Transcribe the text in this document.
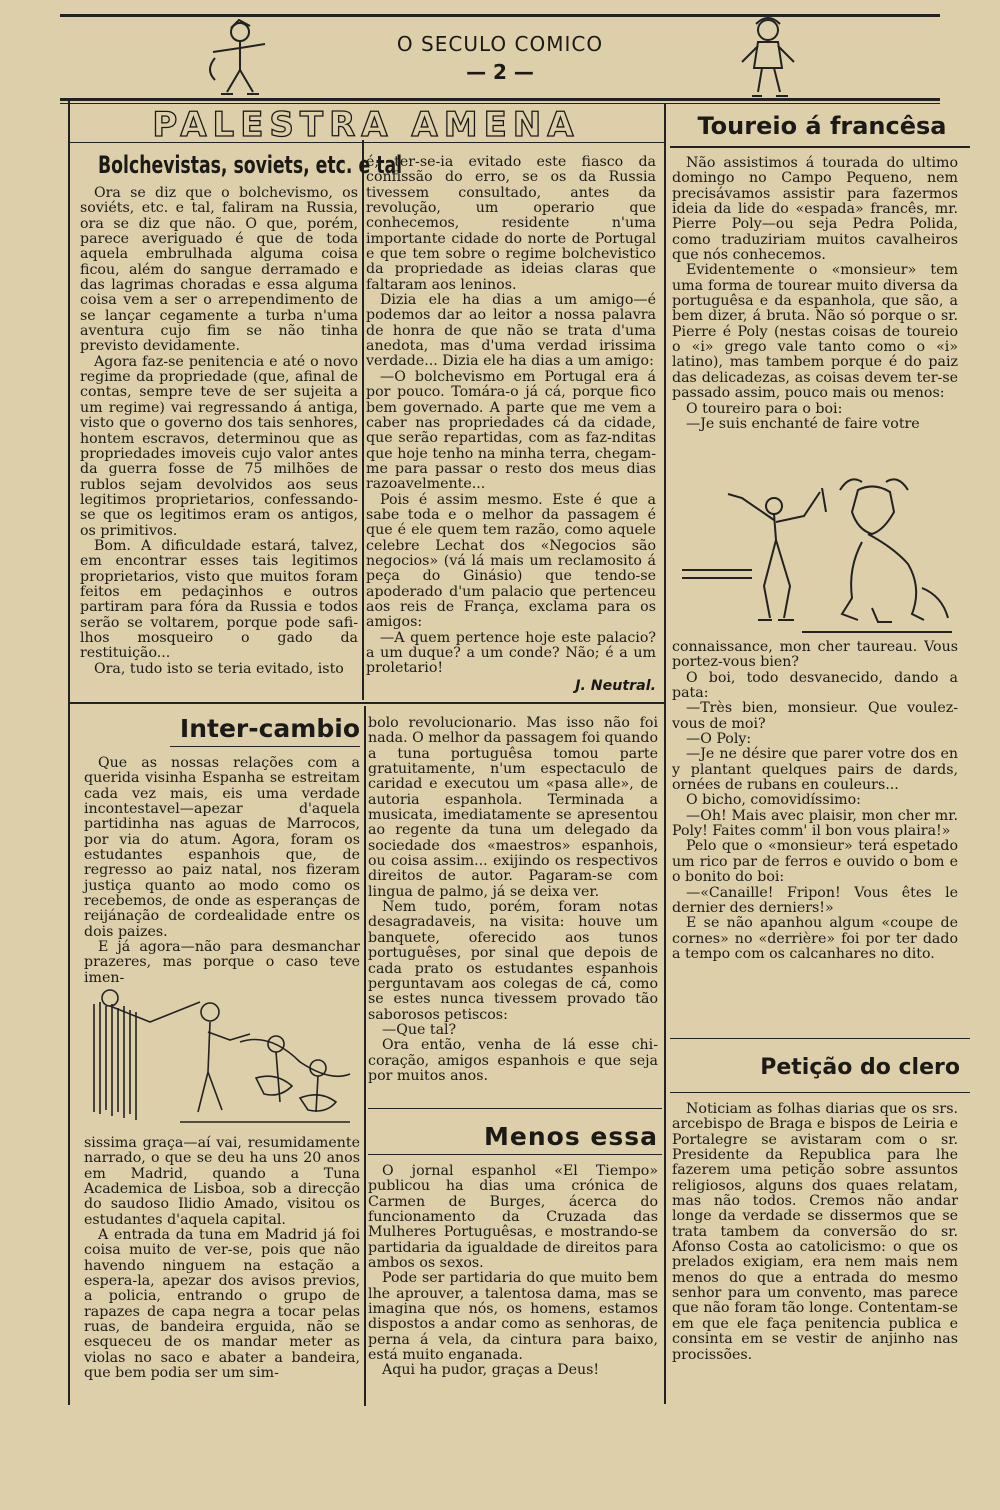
O SECULO COMICO
— 2 —
PALESTRA AMENA
Bolchevistas, soviets, etc. e tal

Ora se diz que o bolchevismo, os soviéts, etc. e tal, faliram na Russia, ora se diz que não. O que, porém, parece averiguado é que de toda aquela embrulhada alguma coisa ficou, além do sangue derramado e das lagrimas choradas e essa alguma coisa vem a ser o arrependimento de se lançar cegamente a turba n'uma aventura cujo fim se não tinha previsto devidamente.

Agora faz-se penitencia e até o novo regime da propriedade (que, afinal de contas, sempre teve de ser sujeita a um regime) vai regressando á antiga, visto que o governo dos tais senhores, hontem escravos, determinou que as propriedades imoveis cujo valor antes da guerra fosse de 75 milhões de rublos sejam devolvidos aos seus legitimos proprietarios, confessando-se que os legitimos eram os antigos, os primitivos.

Bom. A dificuldade estará, talvez, em encontrar esses tais legitimos proprietarios, visto que muitos foram feitos em pedaçinhos e outros partiram para fóra da Russia e todos serão se voltarem, porque pode safi-lhos mosqueiro o gado da restituição...

Ora, tudo isto se teria evitado, isto

é, ter-se-ia evitado este fiasco da confissão do erro, se os da Russia tivessem consultado, antes da revolução, um operario que conhecemos, residente n'uma importante cidade do norte de Portugal e que tem sobre o regime bolchevistico da propriedade as ideias claras que faltaram aos leninos.

Dizia ele ha dias a um amigo—é podemos dar ao leitor a nossa palavra de honra de que não se trata d'uma anedota, mas d'uma verdad irissima verdade... Dizia ele ha dias a um amigo:

—O bolchevismo em Portugal era á por pouco. Tomára-o já cá, porque fico bem governado. A parte que me vem a caber nas propriedades cá da cidade, que serão repartidas, com as faz-nditas que hoje tenho na minha terra, chegam-me para passar o resto dos meus dias razoavelmente...

Pois é assim mesmo. Este é que a sabe toda e o melhor da passagem é que é ele quem tem razão, como aquele celebre Lechat dos «Negocios são negocios» (vá lá mais um reclamosito á peça do Ginásio) que tendo-se apoderado d'um palacio que pertenceu aos reis de França, exclama para os amigos:

—A quem pertence hoje este palacio? a um duque? a um conde? Não; é a um proletario!

J. Neutral.
Toureio á francêsa

Não assistimos á tourada do ultimo domingo no Campo Pequeno, nem precisávamos assistir para fazermos ideia da lide do «espada» francês, mr. Pierre Poly—ou seja Pedra Polida, como traduziriam muitos cavalheiros que nós conhecemos.

Evidentemente o «monsieur» tem uma forma de tourear muito diversa da portuguêsa e da espanhola, que são, a bem dizer, á bruta. Não só porque o sr. Pierre é Poly (nestas coisas de toureio o «i» grego vale tanto como o «i» latino), mas tambem porque é do paiz das delicadezas, as coisas devem ter-se passado assim, pouco mais ou menos:

O toureiro para o boi:

—Je suis enchanté de faire votre

connaissance, mon cher taureau. Vous portez-vous bien?

O boi, todo desvanecido, dando a pata:

—Très bien, monsieur. Que voulez-vous de moi?

—O Poly:

—Je ne désire que parer votre dos en y plantant quelques pairs de dards, ornées de rubans en couleurs...

O bicho, comovidíssimo:

—Oh! Mais avec plaisir, mon cher mr. Poly! Faites comm' il bon vous plaira!»

Pelo que o «monsieur» terá espetado um rico par de ferros e ouvido o bom e o bonito do boi:

—«Canaille! Fripon! Vous êtes le dernier des derniers!»

E se não apanhou algum «coupe de cornes» no «derrière» foi por ter dado a tempo com os calcanhares no dito.

Petição do clero

Noticiam as folhas diarias que os srs. arcebispo de Braga e bispos de Leiria e Portalegre se avistaram com o sr. Presidente da Republica para lhe fazerem uma petição sobre assuntos religiosos, alguns dos quaes relatam, mas não todos. Cremos não andar longe da verdade se dissermos que se trata tambem da conversão do sr. Afonso Costa ao catolicismo: o que os prelados exigiam, era nem mais nem menos do que a entrada do mesmo senhor para um convento, mas parece que não foram tão longe. Contentam-se em que ele faça penitencia publica e consinta em se vestir de anjinho nas procissões.

Inter-cambio

Que as nossas relações com a querida visinha Espanha se estreitam cada vez mais, eis uma verdade incontestavel—apezar d'aquela partidinha nas aguas de Marrocos, por via do atum. Agora, foram os estudantes espanhois que, de regresso ao paiz natal, nos fizeram justiça quanto ao modo como os recebemos, de onde as esperanças de reijánação de cordealidade entre os dois paizes.

E já agora—não para desmanchar prazeres, mas porque o caso teve imen-

sissima graça—aí vai, resumidamente narrado, o que se deu ha uns 20 anos em Madrid, quando a Tuna Academica de Lisboa, sob a direcção do saudoso Ilidio Amado, visitou os estudantes d'aquela capital.

A entrada da tuna em Madrid já foi coisa muito de ver-se, pois que não havendo ninguem na estação a espera-la, apezar dos avisos previos, a policia, entrando o grupo de rapazes de capa negra a tocar pelas ruas, de bandeira erguida, não se esqueceu de os mandar meter as violas no saco e abater a bandeira, que bem podia ser um sim-

bolo revolucionario. Mas isso não foi nada. O melhor da passagem foi quando a tuna portuguêsa tomou parte gratuitamente, n'um espectaculo de caridad e executou um «pasa alle», de autoria espanhola. Terminada a musicata, imediatamente se apresentou ao regente da tuna um delegado da sociedade dos «maestros» espanhois, ou coisa assim... exijindo os respectivos direitos de autor. Pagaram-se com lingua de palmo, já se deixa ver.

Nem tudo, porém, foram notas desagradaveis, na visita: houve um banquete, oferecido aos tunos portuguêses, por sinal que depois de cada prato os estudantes espanhois perguntavam aos colegas de cá, como se estes nunca tivessem provado tão saborosos petiscos:

—Que tal?

Ora então, venha de lá esse chi-coração, amigos espanhois e que seja por muitos anos.

Menos essa

O jornal espanhol «El Tiempo» publicou ha dias uma crónica de Carmen de Burges, ácerca do funcionamento da Cruzada das Mulheres Portuguêsas, e mostrando-se partidaria da igualdade de direitos para ambos os sexos.

Pode ser partidaria do que muito bem lhe aprouver, a talentosa dama, mas se imagina que nós, os homens, estamos dispostos a andar como as senhoras, de perna á vela, da cintura para baixo, está muito enganada.

Aqui ha pudor, graças a Deus!
